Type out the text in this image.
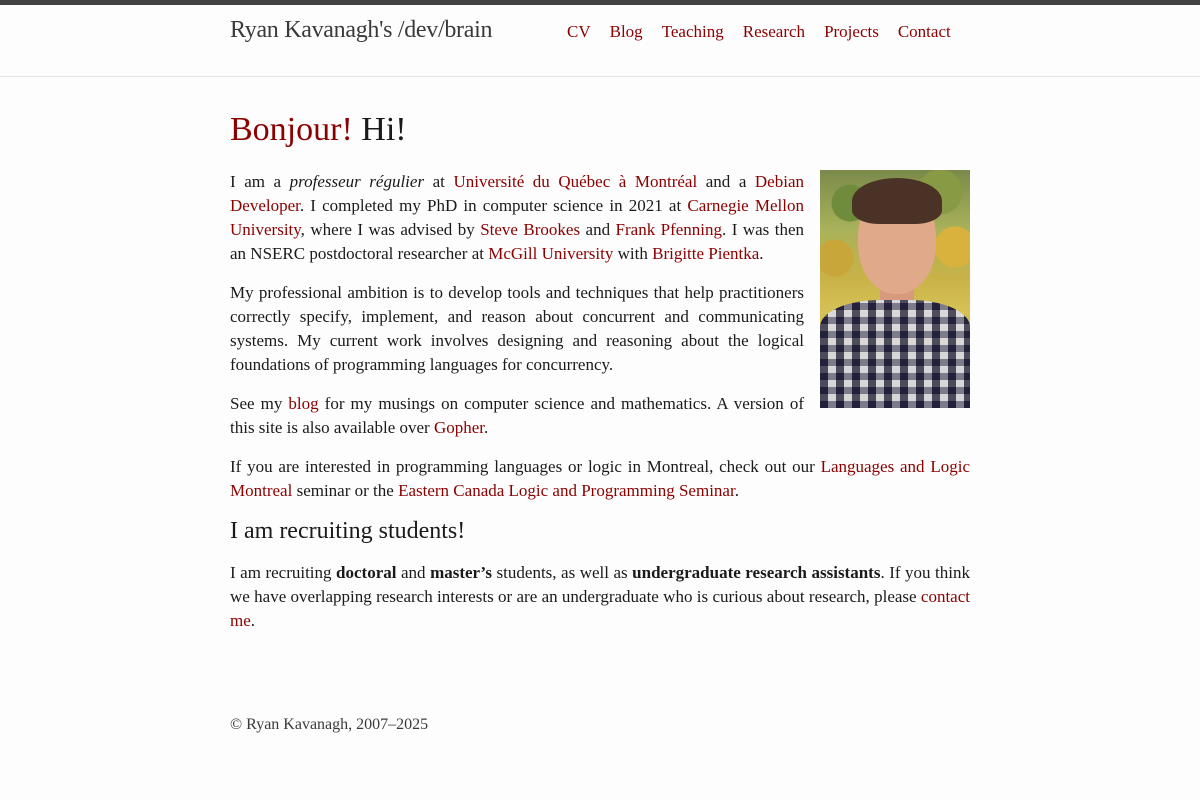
Ryan Kavanagh's /dev/brain	CV Blog Teaching Research Projects Contact
Bonjour! Hi!

I am a professeur régulier at Université du Québec à Montréal and a Debian Developer. I completed my PhD in computer science in 2021 at Carnegie Mellon University, where I was advised by Steve Brookes and Frank Pfenning. I was then an NSERC postdoctoral researcher at McGill University with Brigitte Pientka.

My professional ambition is to develop tools and techniques that help practitioners correctly specify, implement, and reason about concurrent and communicating systems. My current work involves designing and reasoning about the logical foundations of programming languages for concurrency.

See my blog for my musings on computer science and mathematics. A version of this site is also available over Gopher.

If you are interested in programming languages or logic in Montreal, check out our Languages and Logic Montreal seminar or the Eastern Canada Logic and Programming Seminar.

I am recruiting students!

I am recruiting doctoral and master’s students, as well as undergraduate research assistants. If you think we have overlapping research interests or are an undergraduate who is curious about research, please contact me.

© Ryan Kavanagh, 2007–2025
